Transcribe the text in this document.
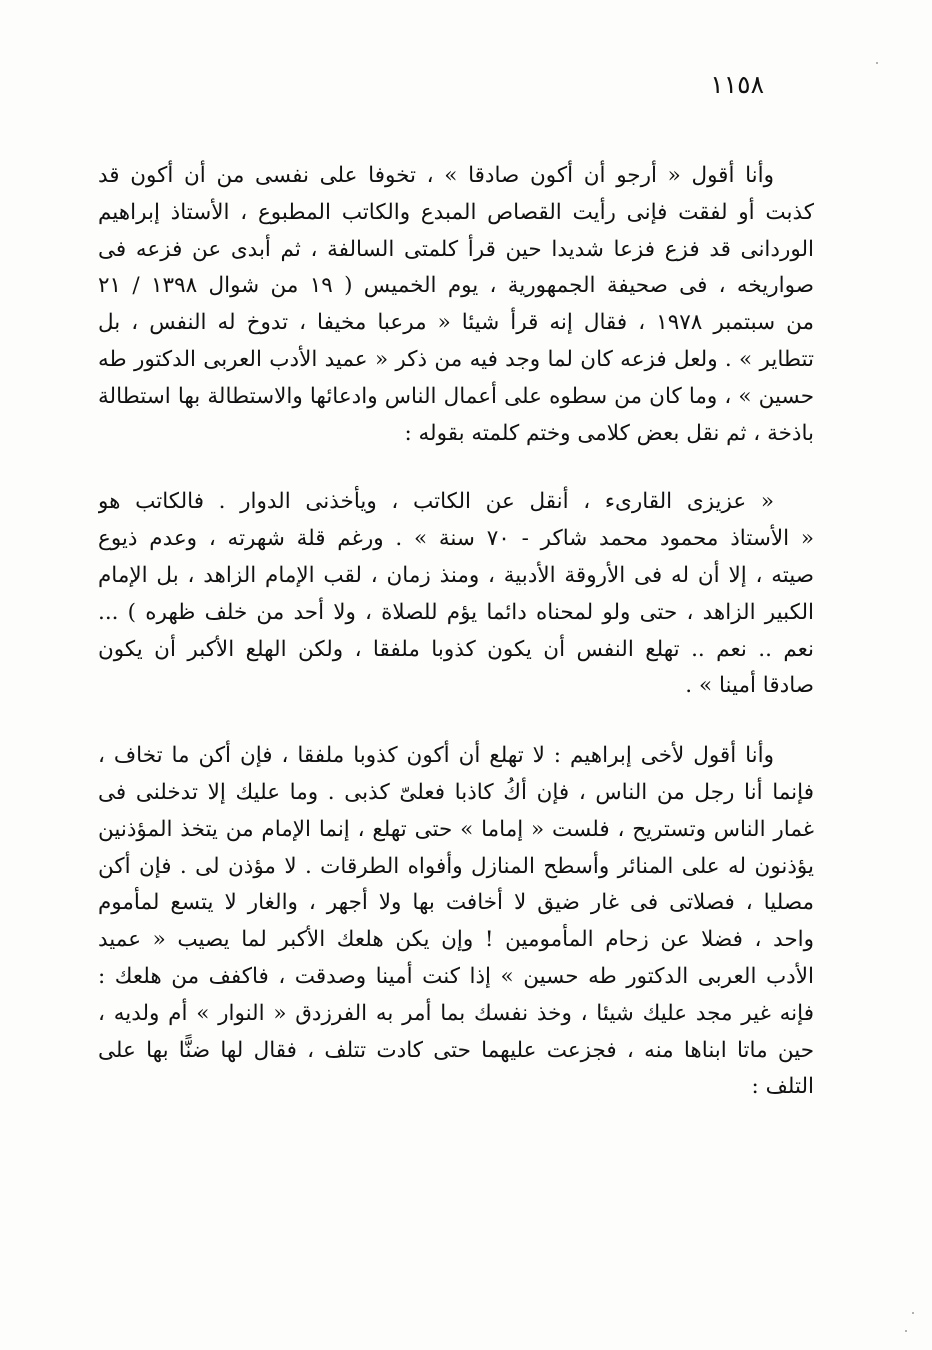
١١٥٨
وأنا أقول « أرجو أن أكون صادقا » ، تخوفا على نفسى من أن أكون قد
كذبت أو لفقت فإنى رأيت القصاص المبدع والكاتب المطبوع ، الأستاذ إبراهيم
الوردانى قد فزع فزعا شديدا حين قرأ كلمتى السالفة ، ثم أبدى عن فزعه فى
صواريخه ، فى صحيفة الجمهورية ، يوم الخميس ( ١٩ من شوال ١٣٩٨ / ٢١
من سبتمبر ١٩٧٨ ، فقال إنه قرأ شيئا « مرعبا مخيفا ، تدوخ له النفس ، بل
تتطاير » . ولعل فزعه كان لما وجد فيه من ذكر « عميد الأدب العربى الدكتور طه
حسين » ، وما كان من سطوه على أعمال الناس وادعائها والاستطالة بها استطالة
باذخة ، ثم نقل بعض كلامى وختم كلمته بقوله :
« عزيزى القارىء ، أنقل عن الكاتب ، ويأخذنى الدوار . فالكاتب هو
« الأستاذ محمود محمد شاكر - ٧٠ سنة » . ورغم قلة شهرته ، وعدم ذيوع
صيته ، إلا أن له فى الأروقة الأدبية ، ومنذ زمان ، لقب الإمام الزاهد ، بل الإمام
الكبير الزاهد ، حتى ولو لمحناه دائما يؤم للصلاة ، ولا أحد من خلف ظهره ) ...
نعم .. نعم .. تهلع النفس أن يكون كذوبا ملفقا ، ولكن الهلع الأكبر أن يكون
صادقا أمينا » .
وأنا أقول لأخى إبراهيم : لا تهلع أن أكون كذوبا ملفقا ، فإن أكن ما تخاف ،
فإنما أنا رجل من الناس ، فإن أكُ كاذبا فعلىّ كذبى . وما عليك إلا تدخلنى فى
غمار الناس وتستريح ، فلست « إماما » حتى تهلع ، إنما الإمام من يتخذ المؤذنين
يؤذنون له على المنائر وأسطح المنازل وأفواه الطرقات . لا مؤذن لى . فإن أكن
مصليا ، فصلاتى فى غار ضيق لا أخافت بها ولا أجهر ، والغار لا يتسع لمأموم
واحد ، فضلا عن زحام المأمومين ! وإن يكن هلعك الأكبر لما يصيب « عميد
الأدب العربى الدكتور طه حسين » إذا كنت أمينا وصدقت ، فاكفف من هلعك :
فإنه غير مجد عليك شيئا ، وخذ نفسك بما أمر به الفرزدق « النوار » أم ولديه ،
حين ماتا ابناها منه ، فجزعت عليهما حتى كادت تتلف ، فقال لها ضنًّا بها على
التلف :
